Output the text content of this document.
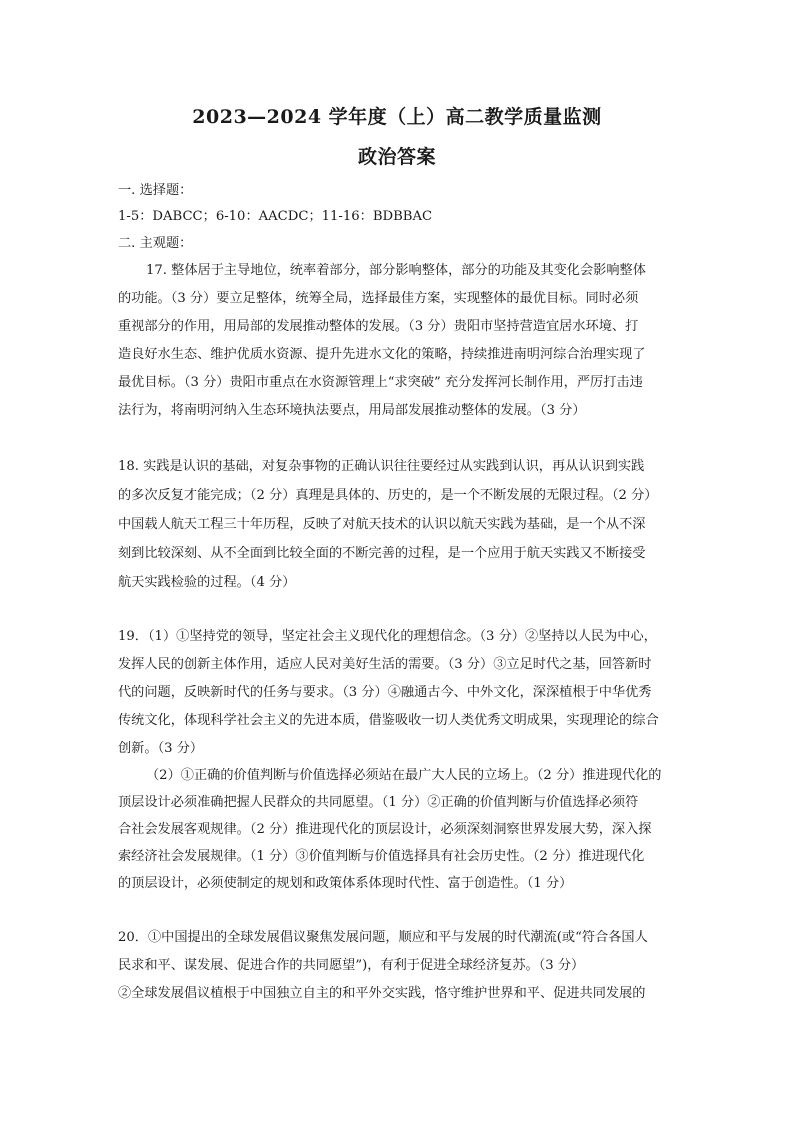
2023—2024 学年度（上）高二教学质量监测
政治答案
一. 选择题：
1-5：DABCC；6-10：AACDC；11-16：BDBBAC
二. 主观题：
17. 整体居于主导地位，统率着部分，部分影响整体，部分的功能及其变化会影响整体
的功能。（3 分）要立足整体，统筹全局，选择最佳方案，实现整体的最优目标。同时必须
重视部分的作用，用局部的发展推动整体的发展。（3 分）贵阳市坚持营造宜居水环境、打
造良好水生态、维护优质水资源、提升先进水文化的策略，持续推进南明河综合治理实现了
最优目标。（3 分）贵阳市重点在水资源管理上“求突破” 充分发挥河长制作用，严厉打击违
法行为，将南明河纳入生态环境执法要点，用局部发展推动整体的发展。（3 分）
18. 实践是认识的基础，对复杂事物的正确认识往往要经过从实践到认识，再从认识到实践
的多次反复才能完成；（2 分）真理是具体的、历史的，是一个不断发展的无限过程。（2 分）
中国载人航天工程三十年历程，反映了对航天技术的认识以航天实践为基础，是一个从不深
刻到比较深刻、从不全面到比较全面的不断完善的过程，是一个应用于航天实践又不断接受
航天实践检验的过程。（4 分）
19．（1）①坚持党的领导，坚定社会主义现代化的理想信念。（3 分）②坚持以人民为中心，
发挥人民的创新主体作用，适应人民对美好生活的需要。（3 分）③立足时代之基，回答新时
代的问题，反映新时代的任务与要求。（3 分）④融通古今、中外文化，深深植根于中华优秀
传统文化，体现科学社会主义的先进本质，借鉴吸收一切人类优秀文明成果，实现理论的综合
创新。（3 分）
（2）①正确的价值判断与价值选择必须站在最广大人民的立场上。（2 分）推进现代化的
顶层设计必须准确把握人民群众的共同愿望。（1 分）②正确的价值判断与价值选择必须符
合社会发展客观规律。（2 分）推进现代化的顶层设计，必须深刻洞察世界发展大势，深入探
索经济社会发展规律。（1 分）③价值判断与价值选择具有社会历史性。（2 分）推进现代化
的顶层设计，必须使制定的规划和政策体系体现时代性、富于创造性。（1 分）
20．①中国提出的全球发展倡议聚焦发展问题，顺应和平与发展的时代潮流(或“符合各国人
民求和平、谋发展、促进合作的共同愿望”)，有利于促进全球经济复苏。（3 分）
②全球发展倡议植根于中国独立自主的和平外交实践，恪守维护世界和平、促进共同发展的
